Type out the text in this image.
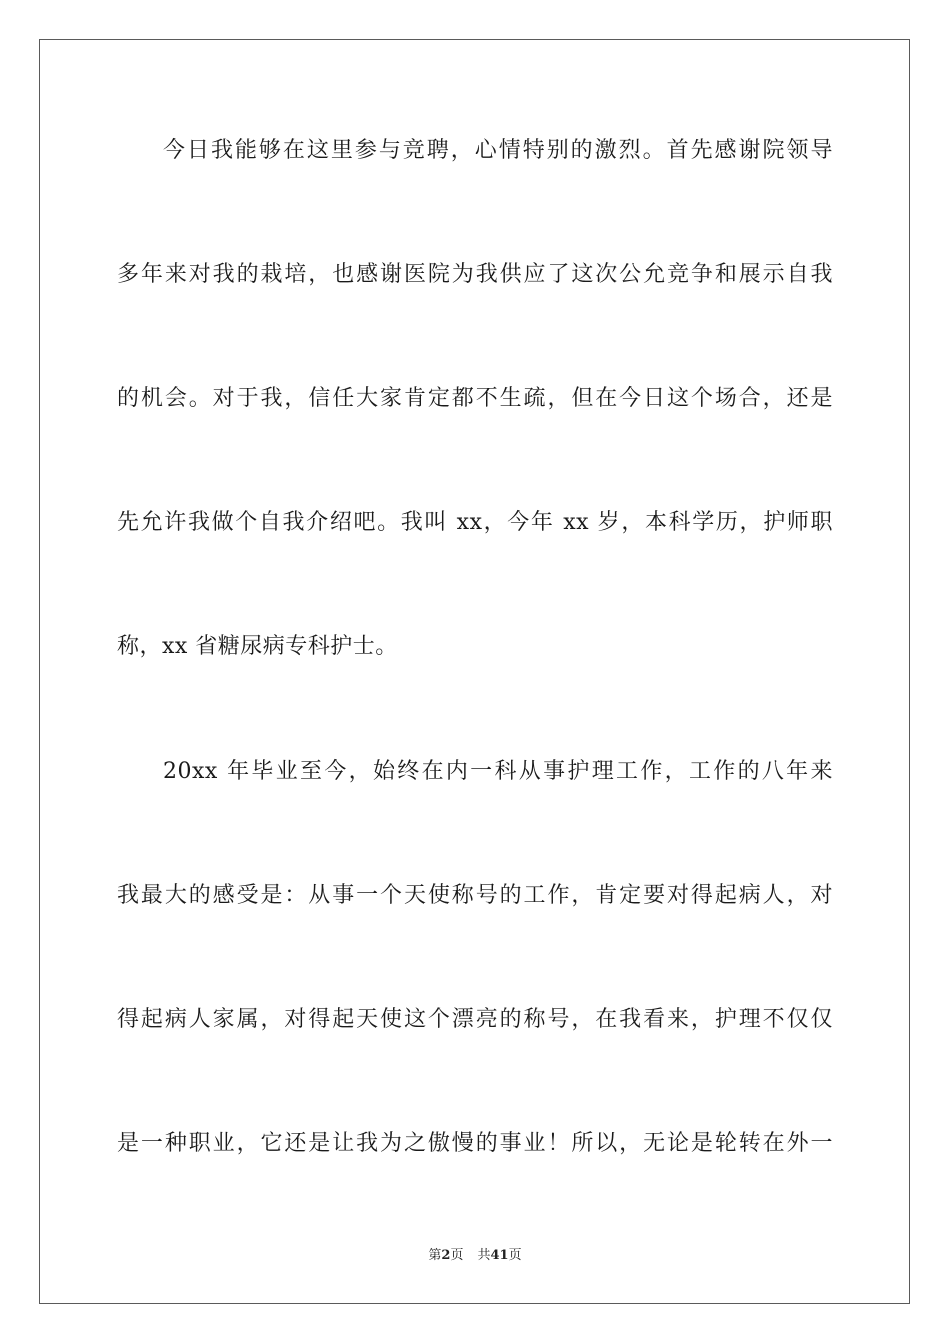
今日我能够在这里参与竞聘，心情特别的激烈。首先感谢院领导
多年来对我的栽培，也感谢医院为我供应了这次公允竞争和展示自我
的机会。对于我，信任大家肯定都不生疏，但在今日这个场合，还是
先允许我做个自我介绍吧。我叫 xx，今年 xx 岁，本科学历，护师职
称，xx 省糖尿病专科护士。
20xx 年毕业至今，始终在内一科从事护理工作，工作的八年来
我最大的感受是：从事一个天使称号的工作，肯定要对得起病人，对
得起病人家属，对得起天使这个漂亮的称号，在我看来，护理不仅仅
是一种职业，它还是让我为之傲慢的事业！所以，无论是轮转在外一
第2页 共41页
